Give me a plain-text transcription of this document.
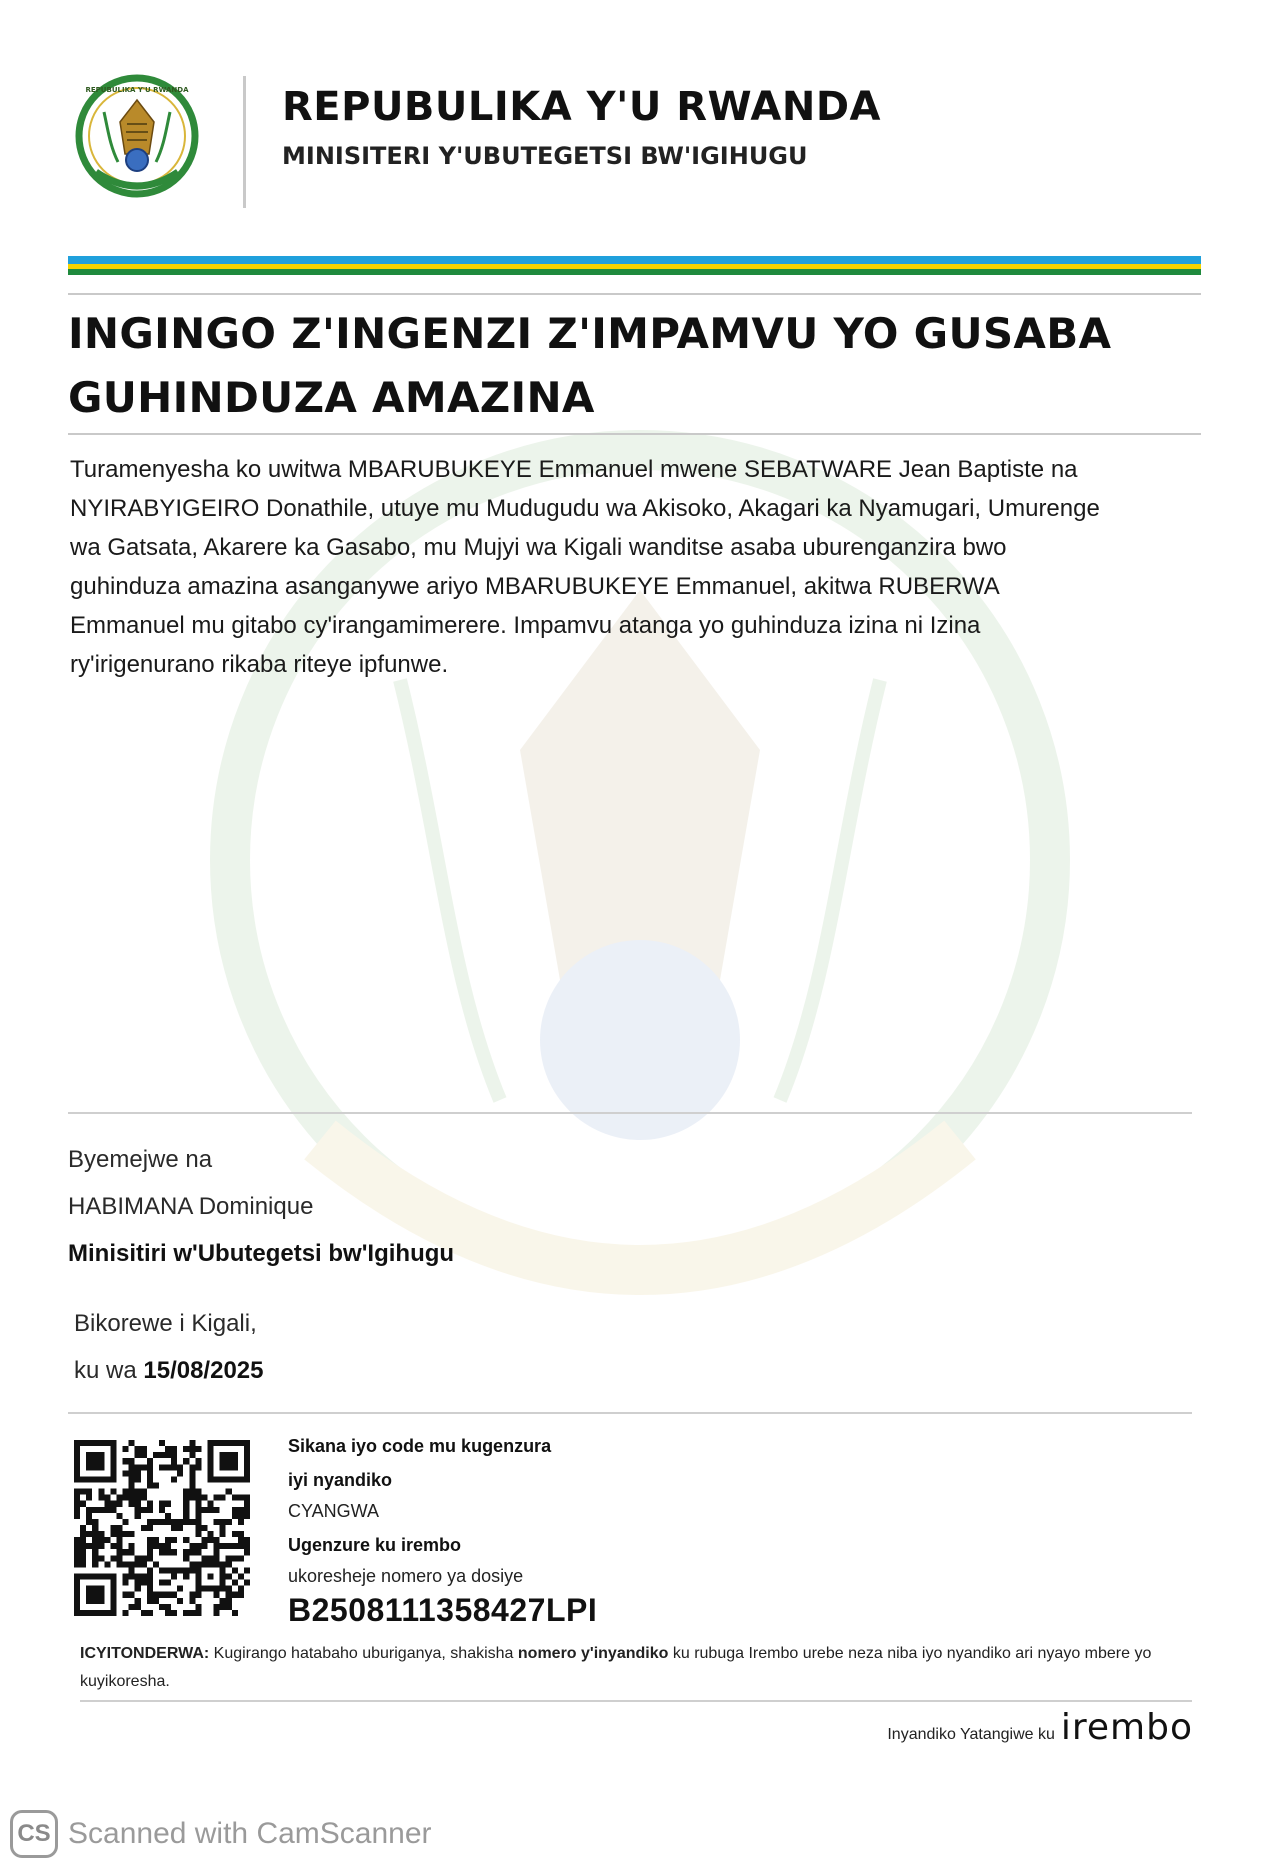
REPUBULIKA Y'U RWANDA REPUBULIKA Y'U RWANDA
MINISITERI Y'UBUTEGETSI BW'IGIHUGU
INGINGO Z'INGENZI Z'IMPAMVU YO GUSABA
GUHINDUZA AMAZINA
Turamenyesha ko uwitwa MBARUBUKEYE Emmanuel mwene SEBATWARE Jean Baptiste na
NYIRABYIGEIRO Donathile, utuye mu Mudugudu wa Akisoko, Akagari ka Nyamugari, Umurenge
wa Gatsata, Akarere ka Gasabo, mu Mujyi wa Kigali wanditse asaba uburenganzira bwo
guhinduza amazina asanganywe ariyo MBARUBUKEYE Emmanuel, akitwa RUBERWA
Emmanuel mu gitabo cy'irangamimerere. Impamvu atanga yo guhinduza izina ni Izina
ry'irigenurano rikaba riteye ipfunwe.
Byemejwe na
HABIMANA Dominique
Minisitiri w'Ubutegetsi bw'Igihugu
Bikorewe i Kigali,
ku wa 15/08/2025
Sikana iyo code mu kugenzura
iyi nyandiko
CYANGWA
Ugenzure ku irembo
ukoresheje nomero ya dosiye
B2508111358427LPI
ICYITONDERWA: Kugirango hatabaho uburiganya, shakisha nomero y'inyandiko ku rubuga Irembo urebe neza niba iyo nyandiko ari nyayo mbere yo kuyikoresha.
Inyandiko Yatangiwe ku irembo
CS Scanned with CamScanner
